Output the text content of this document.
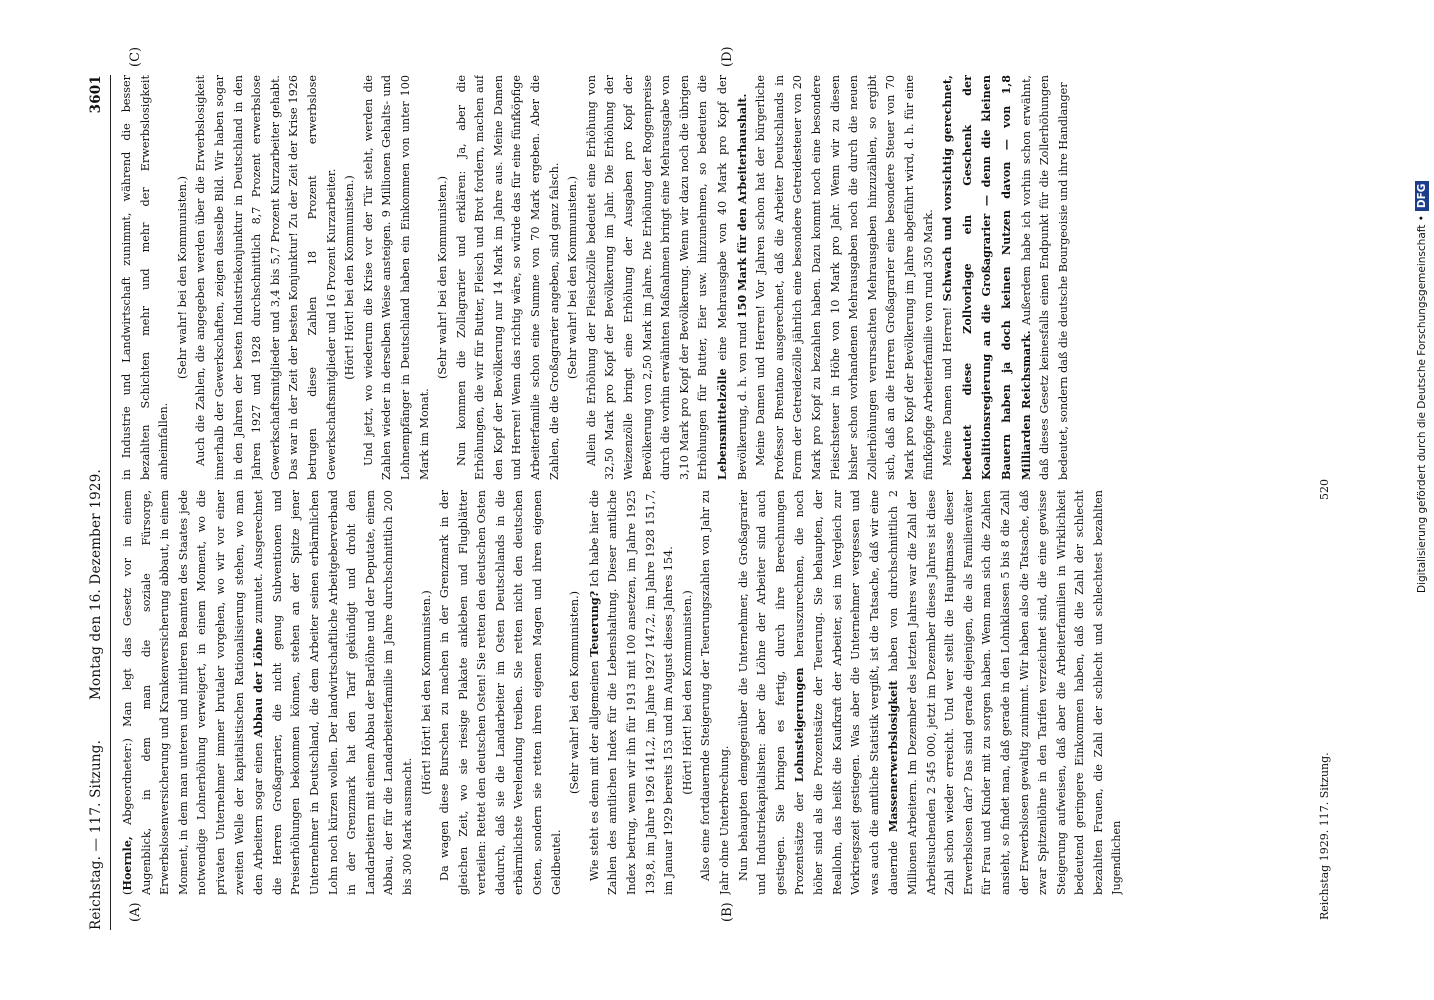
Reichstag. — 117. Sitzung.
Montag den 16. Dezember 1929.
3601
(A)	(B)
(C)	(D)

(Hoernle, Abgeordneter:) Man legt das Gesetz vor in einem Augenblick, in dem man die soziale Fürsorge, Erwerbslosenversicherung und Krankenversicherung abbaut, in einem Moment, in dem man unteren und mittleren Beamten des Staates jede notwendige Lohnerhöhung verweigert, in einem Moment, wo die privaten Unternehmer immer brutaler vorgehen, wo wir vor einer zweiten Welle der kapitalistischen Rationalisierung stehen, wo man den Arbeitern sogar einen Abbau der Löhne zumutet. Ausgerechnet die Herren Großagrarier, die nicht genug Subventionen und Preiserhöhungen bekommen können, stehen an der Spitze jener Unternehmer in Deutschland, die dem Arbeiter seinen erbärmlichen Lohn noch kürzen wollen. Der landwirtschaftliche Arbeitgeberverband in der Grenzmark hat den Tarif gekündigt und droht den Landarbeitern mit einem Abbau der Barlöhne und der Deputate, einem Abbau, der für die Landarbeiterfamilie im Jahre durchschnittlich 200 bis 300 Mark ausmacht.

(Hört! Hört! bei den Kommunisten.) Da wagen diese Burschen zu machen in der Grenzmark in der gleichen Zeit, wo sie riesige Plakate ankleben und Flugblätter verteilen: Rettet den deutschen Osten! Sie retten den deutschen Osten dadurch, daß sie die Landarbeiter im Osten Deutschlands in die erbärmlichste Verelendung treiben. Sie retten nicht den deutschen Osten, sondern sie retten ihren eigenen Magen und ihren eigenen Geldbeutel.

(Sehr wahr! bei den Kommunisten.) Wie steht es denn mit der allgemeinen Teuerung? Ich habe hier die Zahlen des amtlichen Index für die Lebenshaltung. Dieser amtliche Index betrug, wenn wir ihn für 1913 mit 100 ansetzen, im Jahre 1925 139,8, im Jahre 1926 141,2, im Jahre 1927 147,2, im Jahre 1928 151,7, im Januar 1929 bereits 153 und im August dieses Jahres 154. (Hört! Hört! bei den Kommunisten.) Also eine fortdauernde Steigerung der Teuerungszahlen von Jahr zu Jahr ohne Unterbrechung. Nun behaupten demgegenüber die Unternehmer, die Großagrarier und Industriekapitalisten: aber die Löhne der Arbeiter sind auch gestiegen. Sie bringen es fertig, durch ihre Berechnungen Prozentsätze der Lohnsteigerungen herauszurechnen, die noch höher sind als die Prozentsätze der Teuerung. Sie behaupten, der Reallohn, das heißt die Kaufkraft der Arbeiter, sei im Vergleich zur Vorkriegszeit gestiegen. Was aber die Unternehmer vergessen und was auch die amtliche Statistik vergißt, ist die Tatsache, daß wir eine dauernde Massenerwerbslosigkeit haben von durchschnittlich 2 Millionen Arbeitern. Im Dezember des letzten Jahres war die Zahl der Arbeitsuchenden 2 545 000, jetzt im Dezember dieses Jahres ist diese Zahl schon wieder erreicht. Und wer stellt die Hauptmasse dieser Erwerbslosen dar? Das sind gerade diejenigen, die als Familienväter für Frau und Kinder mit zu sorgen haben. Wenn man sich die Zahlen ansieht, so findet man, daß gerade in den Lohnklassen 5 bis 8 die Zahl der Erwerbslosen gewaltig zunimmt. Wir haben also die Tatsache, daß zwar Spitzenlöhne in den Tarifen verzeichnet sind, die eine gewisse Steigerung aufweisen, daß aber die Arbeiterfamilien in Wirklichkeit bedeutend geringere Einkommen haben, daß die Zahl der schlecht bezahlten Frauen, die Zahl der schlecht und schlechtest bezahlten Jugendlichen

in Industrie und Landwirtschaft zunimmt, während die besser bezahlten Schichten mehr und mehr der Erwerbslosigkeit anheimfallen.

(Sehr wahr! bei den Kommunisten.) Auch die Zahlen, die angegeben werden über die Erwerbslosigkeit innerhalb der Gewerkschaften, zeigen dasselbe Bild. Wir haben sogar in den Jahren der besten Industriekonjunktur in Deutschland in den Jahren 1927 und 1928 durchschnittlich 8,7 Prozent erwerbslose Gewerkschaftsmitglieder und 3,4 bis 5,7 Prozent Kurzarbeiter gehabt. Das war in der Zeit der besten Konjunktur! Zu der Zeit der Krise 1926 betrugen diese Zahlen 18 Prozent erwerbslose Gewerkschaftsmitglieder und 16 Prozent Kurzarbeiter. (Hört! Hört! bei den Kommunisten.) Und jetzt, wo wiederum die Krise vor der Tür steht, werden die Zahlen wieder in derselben Weise ansteigen. 9 Millionen Gehalts- und Lohnempfänger in Deutschland haben ein Einkommen von unter 100 Mark im Monat.

(Sehr wahr! bei den Kommunisten.) Nun kommen die Zollagrarier und erklären: Ja, aber die Erhöhungen, die wir für Butter, Fleisch und Brot fordern, machen auf den Kopf der Bevölkerung nur 14 Mark im Jahre aus. Meine Damen und Herren! Wenn das richtig wäre, so würde das für eine fünfköpfige Arbeiterfamilie schon eine Summe von 70 Mark ergeben. Aber die Zahlen, die die Großagrarier angeben, sind ganz falsch. (Sehr wahr! bei den Kommunisten.) Allein die Erhöhung der Fleischzölle bedeutet eine Erhöhung von 32,50 Mark pro Kopf der Bevölkerung im Jahr. Die Erhöhung der Weizenzölle bringt eine Erhöhung der Ausgaben pro Kopf der Bevölkerung von 2,50 Mark im Jahre. Die Erhöhung der Roggenpreise durch die vorhin erwähnten Maßnahmen bringt eine Mehrausgabe von 3,10 Mark pro Kopf der Bevölkerung. Wenn wir dazu noch die übrigen Erhöhungen für Butter, Eier usw. hinzunehmen, so bedeuten die Lebensmittelzölle eine Mehrausgabe von 40 Mark pro Kopf der Bevölkerung, d. h. von rund 150 Mark für den Arbeiterhaushalt. Meine Damen und Herren! Vor Jahren schon hat der bürgerliche Professor Brentano ausgerechnet, daß die Arbeiter Deutschlands in Form der Getreidezölle jährlich eine besondere Getreidesteuer von 20 Mark pro Kopf zu bezahlen haben. Dazu kommt noch eine besondere Fleischsteuer in Höhe von 10 Mark pro Jahr. Wenn wir zu diesen bisher schon vorhandenen Mehrausgaben noch die durch die neuen Zollerhöhungen verursachten Mehrausgaben hinzuzählen, so ergibt sich, daß an die Herren Großagrarier eine besondere Steuer von 70 Mark pro Kopf der Bevölkerung im Jahre abgeführt wird, d. h. für eine fünfköpfige Arbeiterfamilie von rund 350 Mark. Meine Damen und Herren! Schwach und vorsichtig gerechnet, bedeutet diese Zollvorlage ein Geschenk der Koalitionsregierung an die Großagrarier — denn die kleinen Bauern haben ja doch keinen Nutzen davon — von 1,8 Milliarden Reichsmark. Außerdem habe ich vorhin schon erwähnt, daß dieses Gesetz keinesfalls einen Endpunkt für die Zollerhöhungen bedeutet, sondern daß die deutsche Bourgeoisie und ihre Handlanger

Reichstag 1929. 117. Sitzung.
520	Digitalisierung gefördert durch die Deutsche Forschungsgemeinschaft •DFG
